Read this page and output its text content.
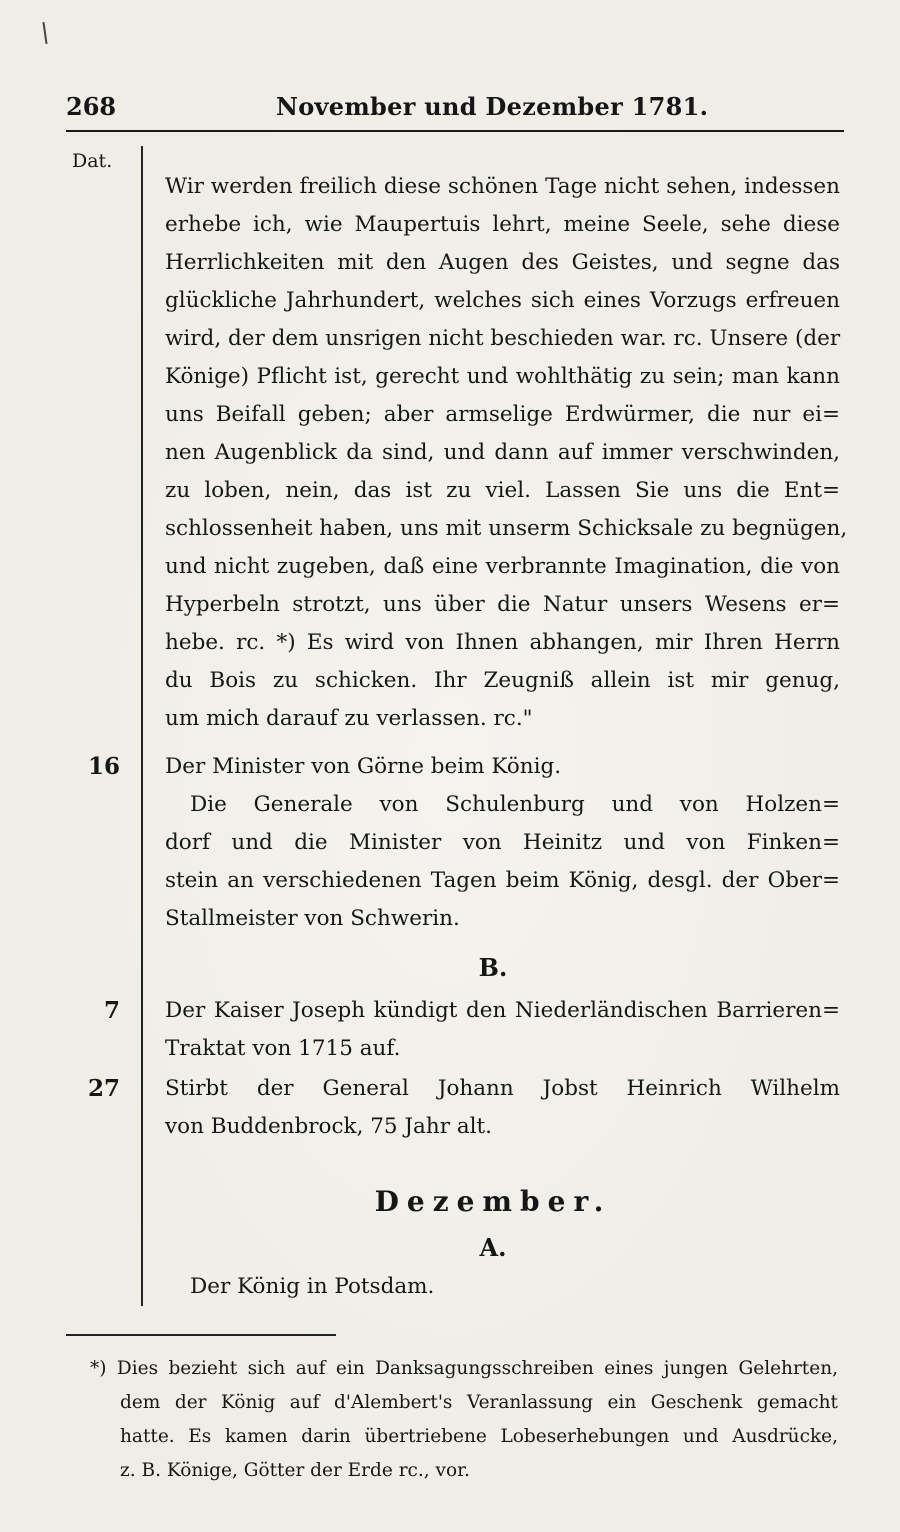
268	November und Dezember 1781.
Dat.
Wir werden freilich diese schönen Tage nicht sehen, indessen
erhebe ich, wie Maupertuis lehrt, meine Seele, sehe diese
Herrlichkeiten mit den Augen des Geistes, und segne das
glückliche Jahrhundert, welches sich eines Vorzugs erfreuen
wird, der dem unsrigen nicht beschieden war. rc. Unsere (der
Könige) Pflicht ist, gerecht und wohlthätig zu sein; man kann
uns Beifall geben; aber armselige Erdwürmer, die nur ei=
nen Augenblick da sind, und dann auf immer verschwinden,
zu loben, nein, das ist zu viel. Lassen Sie uns die Ent=
schlossenheit haben, uns mit unserm Schicksale zu begnügen,
und nicht zugeben, daß eine verbrannte Imagination, die von
Hyperbeln strotzt, uns über die Natur unsers Wesens er=
hebe. rc. *) Es wird von Ihnen abhangen, mir Ihren Herrn
du Bois zu schicken. Ihr Zeugniß allein ist mir genug,
um mich darauf zu verlassen. rc."
16 Der Minister von Görne beim König.
Die Generale von Schulenburg und von Holzen=
dorf und die Minister von Heinitz und von Finken=
stein an verschiedenen Tagen beim König, desgl. der Ober=
Stallmeister von Schwerin.
B.
7 Der Kaiser Joseph kündigt den Niederländischen Barrieren=
Traktat von 1715 auf.
27 Stirbt der General Johann Jobst Heinrich Wilhelm
von Buddenbrock, 75 Jahr alt.
Dezember.
A.
Der König in Potsdam.
*) Dies bezieht sich auf ein Danksagungsschreiben eines jungen Gelehrten,
dem der König auf d'Alembert's Veranlassung ein Geschenk gemacht
hatte. Es kamen darin übertriebene Lobeserhebungen und Ausdrücke,
z. B. Könige, Götter der Erde rc., vor.
